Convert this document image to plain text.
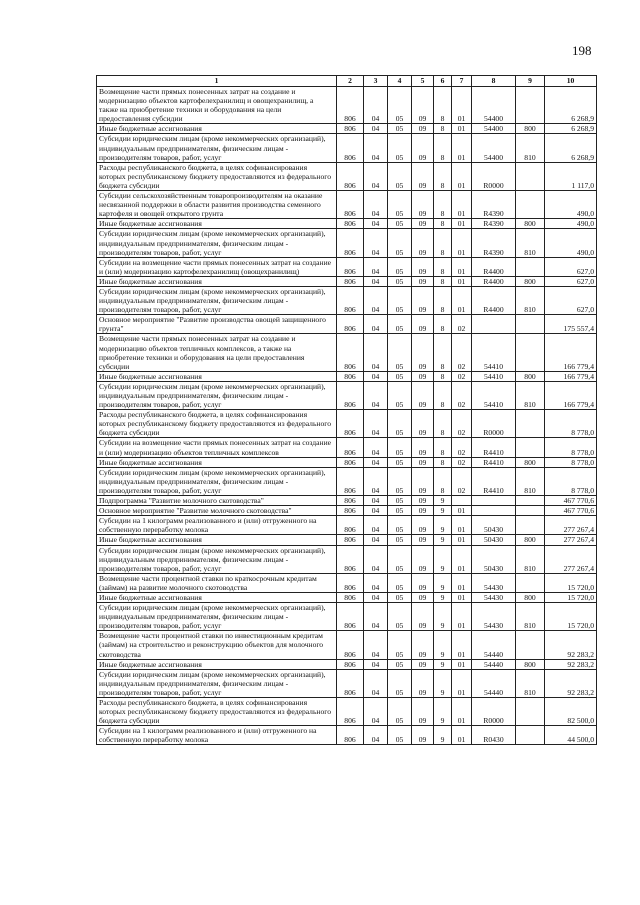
198
1	2	3	4	5	6	7	8	9	10
Возмещение части прямых понесенных затрат на создание и модернизацию объектов картофелехранилищ и овощехранилищ, а также на приобретение техники и оборудования на цели предоставления субсидии	806	04	05	09	8	01	54400		6 268,9
Иные бюджетные ассигнования	806	04	05	09	8	01	54400	800	6 268,9
Субсидии юридическим лицам (кроме некоммерческих организаций), индивидуальным предпринимателям, физическим лицам - производителям товаров, работ, услуг	806	04	05	09	8	01	54400	810	6 268,9
Расходы республиканского бюджета, в целях софинансирования которых республиканскому бюджету предоставляются из федерального бюджета субсидии	806	04	05	09	8	01	R0000		1 117,0
Субсидии сельскохозяйственным товаропроизводителям на оказание несвязанной поддержки в области развития производства семенного картофеля и овощей открытого грунта	806	04	05	09	8	01	R4390		490,0
Иные бюджетные ассигнования	806	04	05	09	8	01	R4390	800	490,0
Субсидии юридическим лицам (кроме некоммерческих организаций), индивидуальным предпринимателям, физическим лицам - производителям товаров, работ, услуг	806	04	05	09	8	01	R4390	810	490,0
Субсидии на возмещение части прямых понесенных затрат на создание и (или) модернизацию картофелехранилищ (овощехранилищ)	806	04	05	09	8	01	R4400		627,0
Иные бюджетные ассигнования	806	04	05	09	8	01	R4400	800	627,0
Субсидии юридическим лицам (кроме некоммерческих организаций), индивидуальным предпринимателям, физическим лицам - производителям товаров, работ, услуг	806	04	05	09	8	01	R4400	810	627,0
Основное мероприятие "Развитие производства овощей защищенного грунта"	806	04	05	09	8	02			175 557,4
Возмещение части прямых понесенных затрат на создание и модернизацию объектов тепличных комплексов, а также на приобретение техники и оборудования на цели предоставления субсидии	806	04	05	09	8	02	54410		166 779,4
Иные бюджетные ассигнования	806	04	05	09	8	02	54410	800	166 779,4
Субсидии юридическим лицам (кроме некоммерческих организаций), индивидуальным предпринимателям, физическим лицам - производителям товаров, работ, услуг	806	04	05	09	8	02	54410	810	166 779,4
Расходы республиканского бюджета, в целях софинансирования которых республиканскому бюджету предоставляются из федерального бюджета субсидии	806	04	05	09	8	02	R0000		8 778,0
Субсидии на возмещение части прямых понесенных затрат на создание и (или) модернизацию объектов тепличных комплексов	806	04	05	09	8	02	R4410		8 778,0
Иные бюджетные ассигнования	806	04	05	09	8	02	R4410	800	8 778,0
Субсидии юридическим лицам (кроме некоммерческих организаций), индивидуальным предпринимателям, физическим лицам - производителям товаров, работ, услуг	806	04	05	09	8	02	R4410	810	8 778,0
Подпрограмма "Развитие молочного скотоводства"	806	04	05	09	9				467 770,6
Основное мероприятие "Развитие молочного скотоводства"	806	04	05	09	9	01			467 770,6
Субсидии на 1 килограмм реализованного и (или) отгруженного на собственную переработку молока	806	04	05	09	9	01	50430		277 267,4
Иные бюджетные ассигнования	806	04	05	09	9	01	50430	800	277 267,4
Субсидии юридическим лицам (кроме некоммерческих организаций), индивидуальным предпринимателям, физическим лицам - производителям товаров, работ, услуг	806	04	05	09	9	01	50430	810	277 267,4
Возмещение части процентной ставки по краткосрочным кредитам (займам) на развитие молочного скотоводства	806	04	05	09	9	01	54430		15 720,0
Иные бюджетные ассигнования	806	04	05	09	9	01	54430	800	15 720,0
Субсидии юридическим лицам (кроме некоммерческих организаций), индивидуальным предпринимателям, физическим лицам - производителям товаров, работ, услуг	806	04	05	09	9	01	54430	810	15 720,0
Возмещение части процентной ставки по инвестиционным кредитам (займам) на строительство и реконструкцию объектов для молочного скотоводства	806	04	05	09	9	01	54440		92 283,2
Иные бюджетные ассигнования	806	04	05	09	9	01	54440	800	92 283,2
Субсидии юридическим лицам (кроме некоммерческих организаций), индивидуальным предпринимателям, физическим лицам - производителям товаров, работ, услуг	806	04	05	09	9	01	54440	810	92 283,2
Расходы республиканского бюджета, в целях софинансирования которых республиканскому бюджету предоставляются из федерального бюджета субсидии	806	04	05	09	9	01	R0000		82 500,0
Субсидии на 1 килограмм реализованного и (или) отгруженного на собственную переработку молока	806	04	05	09	9	01	R0430		44 500,0
